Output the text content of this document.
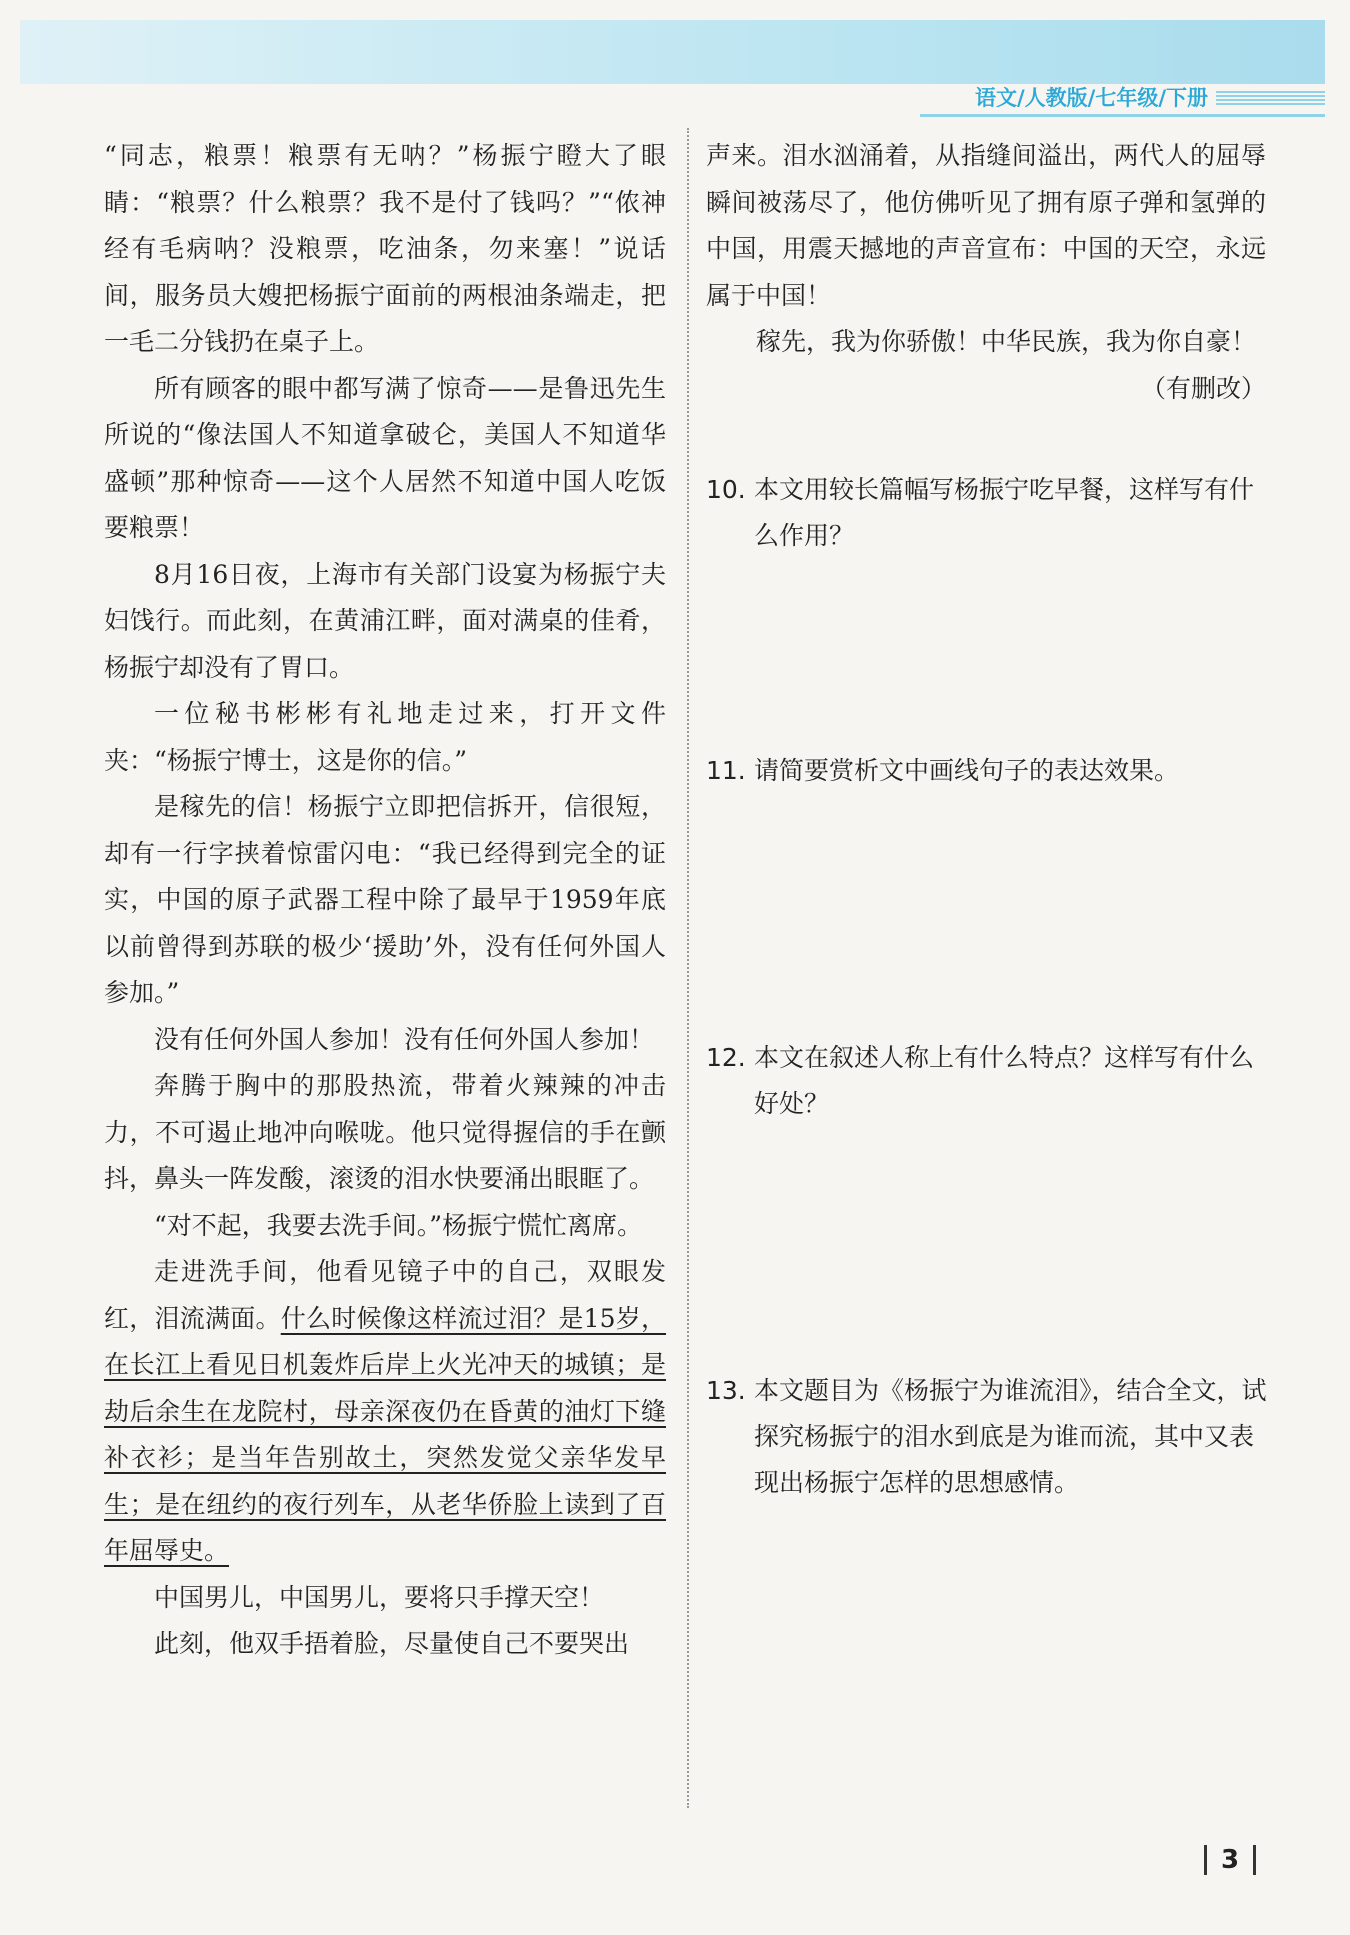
语文/人教版/七年级/下册

“同志，粮票！粮票有无呐？”杨振宁瞪大了眼睛：“粮票？什么粮票？我不是付了钱吗？”“侬神经有毛病呐？没粮票，吃油条，勿来塞！”说话间，服务员大嫂把杨振宁面前的两根油条端走，把一毛二分钱扔在桌子上。

所有顾客的眼中都写满了惊奇——是鲁迅先生所说的“像法国人不知道拿破仑，美国人不知道华盛顿”那种惊奇——这个人居然不知道中国人吃饭要粮票！

8月16日夜，上海市有关部门设宴为杨振宁夫妇饯行。而此刻，在黄浦江畔，面对满桌的佳肴，杨振宁却没有了胃口。

一位秘书彬彬有礼地走过来，打开文件夹：“杨振宁博士，这是你的信。”

是稼先的信！杨振宁立即把信拆开，信很短，却有一行字挟着惊雷闪电：“我已经得到完全的证实，中国的原子武器工程中除了最早于1959年底以前曾得到苏联的极少‘援助’外，没有任何外国人参加。”

没有任何外国人参加！没有任何外国人参加！

奔腾于胸中的那股热流，带着火辣辣的冲击力，不可遏止地冲向喉咙。他只觉得握信的手在颤抖，鼻头一阵发酸，滚烫的泪水快要涌出眼眶了。

“对不起，我要去洗手间。”杨振宁慌忙离席。

走进洗手间，他看见镜子中的自己，双眼发红，泪流满面。什么时候像这样流过泪？是15岁，在长江上看见日机轰炸后岸上火光冲天的城镇；是劫后余生在龙院村，母亲深夜仍在昏黄的油灯下缝补衣衫；是当年告别故土，突然发觉父亲华发早生；是在纽约的夜行列车，从老华侨脸上读到了百年屈辱史。

中国男儿，中国男儿，要将只手撑天空！

此刻，他双手捂着脸，尽量使自己不要哭出

声来。泪水汹涌着，从指缝间溢出，两代人的屈辱瞬间被荡尽了，他仿佛听见了拥有原子弹和氢弹的中国，用震天撼地的声音宣布：中国的天空，永远属于中国！

稼先，我为你骄傲！中华民族，我为你自豪！

（有删改）

10. 本文用较长篇幅写杨振宁吃早餐，这样写有什么作用？
11. 请简要赏析文中画线句子的表达效果。
12. 本文在叙述人称上有什么特点？这样写有什么好处？
13. 本文题目为《杨振宁为谁流泪》，结合全文，试探究杨振宁的泪水到底是为谁而流，其中又表现出杨振宁怎样的思想感情。
3
